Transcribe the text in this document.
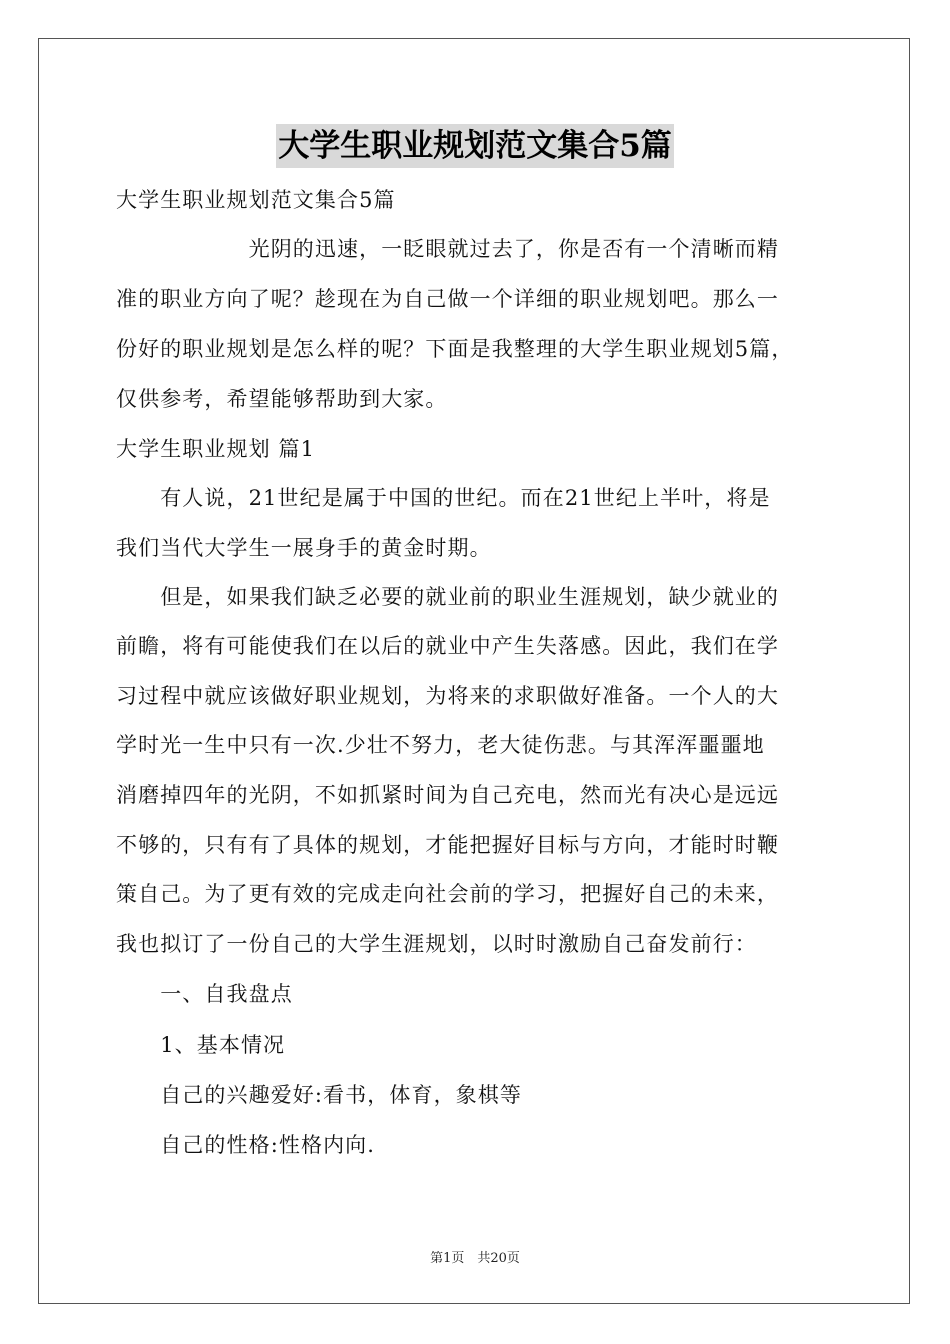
大学生职业规划范文集合5篇
大学生职业规划范文集合5篇
　　　　　　光阴的迅速，一眨眼就过去了，你是否有一个清晰而精
准的职业方向了呢？趁现在为自己做一个详细的职业规划吧。那么一
份好的职业规划是怎么样的呢？下面是我整理的大学生职业规划5篇，
仅供参考，希望能够帮助到大家。
大学生职业规划 篇1
　　有人说，21世纪是属于中国的世纪。而在21世纪上半叶，将是
我们当代大学生一展身手的黄金时期。
　　但是，如果我们缺乏必要的就业前的职业生涯规划，缺少就业的
前瞻，将有可能使我们在以后的就业中产生失落感。因此，我们在学
习过程中就应该做好职业规划，为将来的求职做好准备。一个人的大
学时光一生中只有一次.少壮不努力，老大徒伤悲。与其浑浑噩噩地
消磨掉四年的光阴，不如抓紧时间为自己充电，然而光有决心是远远
不够的，只有有了具体的规划，才能把握好目标与方向，才能时时鞭
策自己。为了更有效的完成走向社会前的学习，把握好自己的未来，
我也拟订了一份自己的大学生涯规划，以时时激励自己奋发前行：
　　一、自我盘点
　　1、基本情况
　　自己的兴趣爱好:看书，体育，象棋等
　　自己的性格:性格内向.
第1页　共20页
